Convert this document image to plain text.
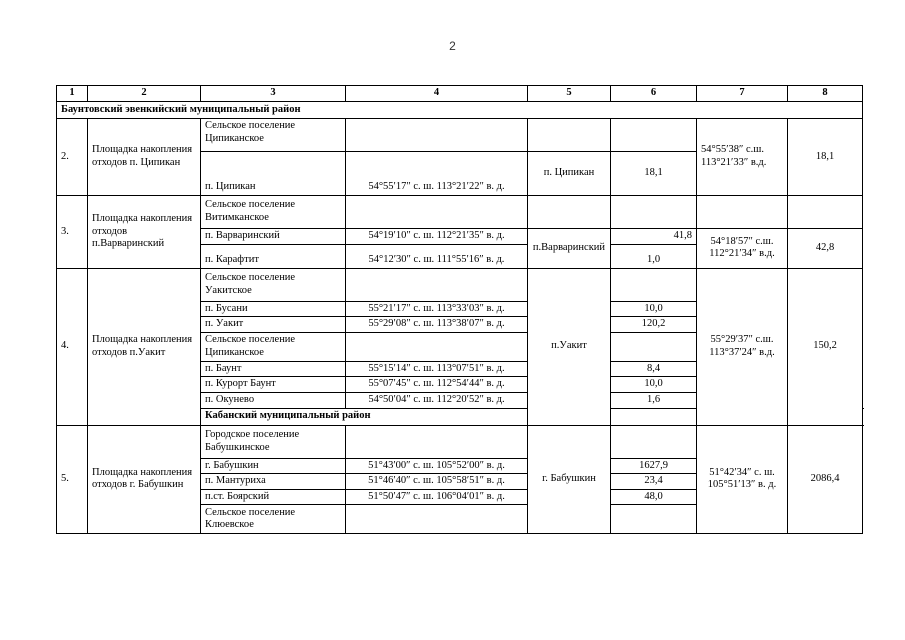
2
1	2	3	4	5	6	7	8
Баунтовский эвенкийский муниципальный район							
2.	Площадка накопления отходов п. Ципикан	Сельское поселение Ципиканское				54°55′38″ с.ш. 113°21′33″ в.д.	18,1
		п. Ципикан	54°55′17″ с. ш. 113°21′22″ в. д.	п. Ципикан	18,1		
3.	Площадка накопления отходов п.Варваринский	Сельское поселение Витимканское					
		п. Варваринский	54°19′10″ с. ш. 112°21′35″ в. д.	п.Варваринский	41,8	54°18′57″ с.ш. 112°21′34″ в.д.	42,8
		п. Карафтит	54°12′30″ с. ш. 111°55′16″ в. д.		1,0		
4.	Площадка накопления отходов п.Уакит	Сельское поселение Уакитское		п.Уакит		55°29′37″ с.ш. 113°37′24″ в.д.	150,2
		п. Бусани	55°21′17″ с. ш. 113°33′03″ в. д.		10,0		
		п. Уакит	55°29′08″ с. ш. 113°38′07″ в. д.		120,2		
		Сельское поселение Ципиканское					
		п. Баунт	55°15′14″ с. ш. 113°07′51″ в. д.		8,4		
		п. Курорт Баунт	55°07′45″ с. ш. 112°54′44″ в. д.		10,0		
		п. Окунево	54°50′04″ с. ш. 112°20′52″ в. д.		1,6		
		Кабанский муниципальный район					
5.	Площадка накопления отходов г. Бабушкин	Городское поселение Бабушкинское		г. Бабушкин		51°42′34″ с. ш. 105°51′13″ в. д.	2086,4
		г. Бабушкин	51°43′00″ с. ш. 105°52′00″ в. д.		1627,9		
		п. Мантуриха	51°46′40″ с. ш. 105°58′51″ в. д.		23,4		
		п.ст. Боярский	51°50′47″ с. ш. 106°04′01″ в. д.		48,0		
		Сельское поселение Клюевское					
